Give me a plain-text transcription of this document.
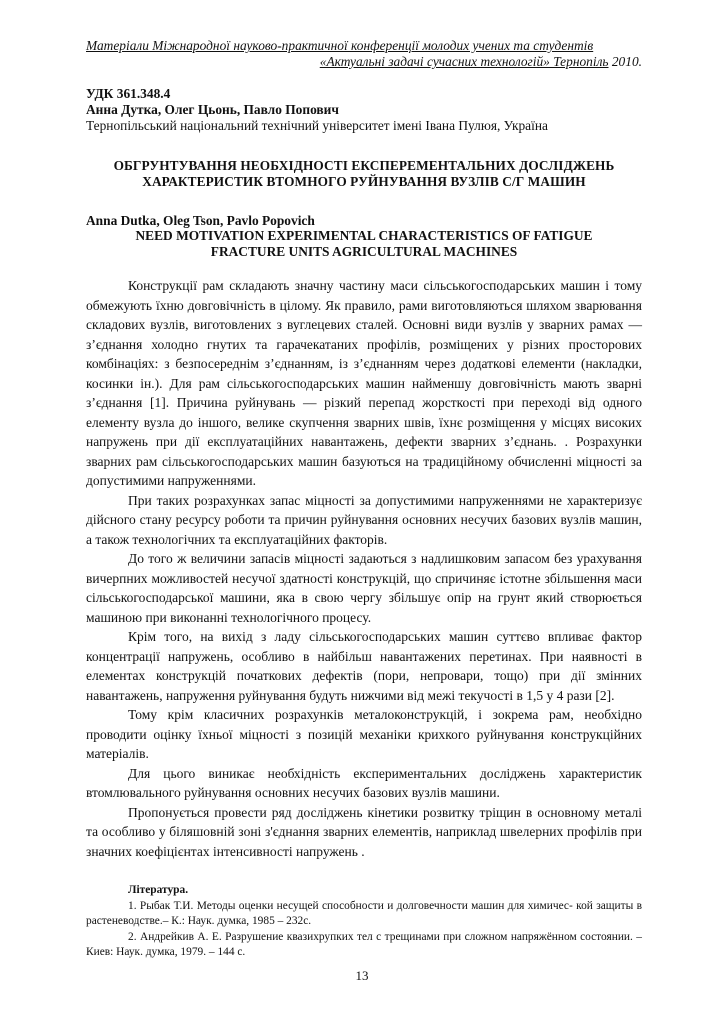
Матеріали Міжнародної науково-практичної конференції молодих учених та студентів
«Актуальні задачі сучасних технологій» Тернопіль 2010.
УДК 361.348.4
Анна Дутка, Олег Цьонь, Павло Попович
Тернопільський національний технічний університет імені Івана Пулюя, Україна
ОБГРУНТУВАННЯ НЕОБХІДНОСТІ ЕКСПЕРЕМЕНТАЛЬНИХ ДОСЛІДЖЕНЬ
ХАРАКТЕРИСТИК ВТОМНОГО РУЙНУВАННЯ ВУЗЛІВ С/Г МАШИН
Anna Dutka, Oleg Tson, Pavlo Popovich
NEED MOTIVATION EXPERIMENTAL CHARACTERISTICS OF FATIGUE
FRACTURE UNITS AGRICULTURAL MACHINES

Конструкції рам складають значну частину маси сільськогосподарських машин і тому обмежують їхню довговічність в цілому. Як правило, рами виготовляються шляхом зварювання складових вузлів, виготовлених з вуглецевих сталей. Основні види вузлів у зварних рамах — з’єднання холодно гнутих та гарачекатаних профілів, розміщених у різних просторових комбінаціях: з безпосереднім з’єднанням, із з’єднанням через додаткові елементи (накладки, косинки ін.). Для рам сільськогосподарських машин найменшу довговічність мають зварні з’єднання [1]. Причина руйнувань — різкий перепад жорсткості при переході від одного елементу вузла до іншого, велике скупчення зварних швів, їхнє розміщення у місцях високих напружень при дії експлуатаційних навантажень, дефекти зварних з’єднань. . Розрахунки зварних рам сільськогосподарських машин базуються на традиційному обчисленні міцності за допустимими напруженнями.

При таких розрахунках запас міцності за допустимими напруженнями не характеризує дійсного стану ресурсу роботи та причин руйнування основних несучих базових вузлів машин, а також технологічних та експлуатаційних факторів.

До того ж величини запасів міцності задаються з надлишковим запасом без урахування вичерпних можливостей несучої здатності конструкцій, що спричиняє істотне збільшення маси сільськогосподарської машини, яка в свою чергу збільшує опір на грунт який створюється машиною при виконанні технологічного процесу.

Крім того, на вихід з ладу сільськогосподарських машин суттєво впливає фактор концентрації напружень, особливо в найбільш навантажених перетинах. При наявності в елементах конструкцій початкових дефектів (пори, непровари, тощо) при дії змінних навантажень, напруження руйнування будуть нижчими від межі текучості в 1,5 у 4 рази [2].

Тому крім класичних розрахунків металоконструкцій, і зокрема рам, необхідно проводити оцінку їхньої міцності з позицій механіки крихкого руйнування конструкційних матеріалів.

Для цього виникає необхідність експериментальних досліджень характеристик втомлювального руйнування основних несучих базових вузлів машини.

Пропонується провести ряд досліджень кінетики розвитку тріщин в основному металі та особливо у біляшовній зоні з'єднання зварних елементів, наприклад швелерних профілів при значних коефіцієнтах інтенсивності напружень .

Література.

1. Рыбак Т.И. Методы оценки несущей способности и долговечности машин для химичес- кой защиты в растеневодстве.– К.: Наук. думка, 1985 – 232с.

2. Андрейкив А. Е. Разрушение квазихрупких тел с трещинами при сложном напряжённом состоянии. – Киев: Наук. думка, 1979. – 144 с.

13
